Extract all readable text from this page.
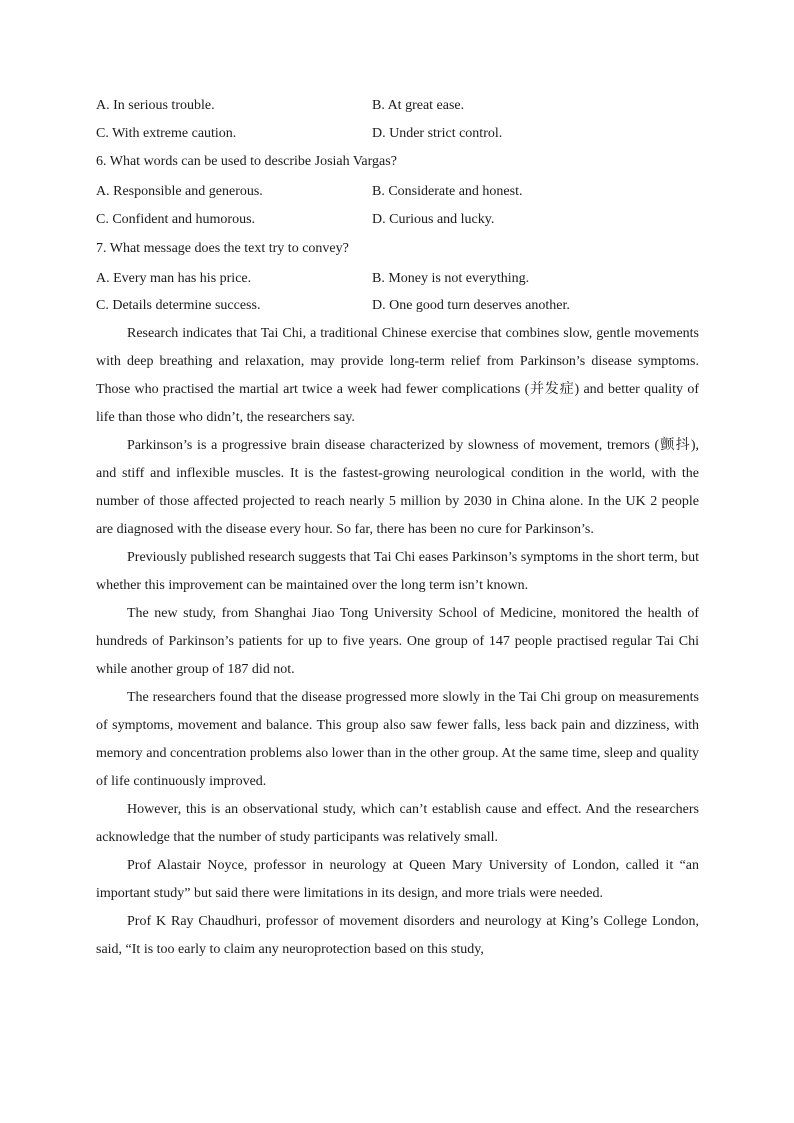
A. In serious trouble.	B. At great ease.
C. With extreme caution.	D. Under strict control.
6. What words can be used to describe Josiah Vargas?
A. Responsible and generous.	B. Considerate and honest.
C. Confident and humorous.	D. Curious and lucky.
7. What message does the text try to convey?
A. Every man has his price.	B. Money is not everything.
C. Details determine success.	D. One good turn deserves another.

Research indicates that Tai Chi, a traditional Chinese exercise that combines slow, gentle movements with deep breathing and relaxation, may provide long-term relief from Parkinson’s disease symptoms. Those who practised the martial art twice a week had fewer complications (并发症) and better quality of life than those who didn’t, the researchers say.

Parkinson’s is a progressive brain disease characterized by slowness of movement, tremors (颤抖), and stiff and inflexible muscles. It is the fastest-growing neurological condition in the world, with the number of those affected projected to reach nearly 5 million by 2030 in China alone. In the UK 2 people are diagnosed with the disease every hour. So far, there has been no cure for Parkinson’s.

Previously published research suggests that Tai Chi eases Parkinson’s symptoms in the short term, but whether this improvement can be maintained over the long term isn’t known.

The new study, from Shanghai Jiao Tong University School of Medicine, monitored the health of hundreds of Parkinson’s patients for up to five years. One group of 147 people practised regular Tai Chi while another group of 187 did not.

The researchers found that the disease progressed more slowly in the Tai Chi group on measurements of symptoms, movement and balance. This group also saw fewer falls, less back pain and dizziness, with memory and concentration problems also lower than in the other group. At the same time, sleep and quality of life continuously improved.

However, this is an observational study, which can’t establish cause and effect. And the researchers acknowledge that the number of study participants was relatively small.

Prof Alastair Noyce, professor in neurology at Queen Mary University of London, called it “an important study” but said there were limitations in its design, and more trials were needed.

Prof K Ray Chaudhuri, professor of movement disorders and neurology at King’s College London, said, “It is too early to claim any neuroprotection based on this study,
